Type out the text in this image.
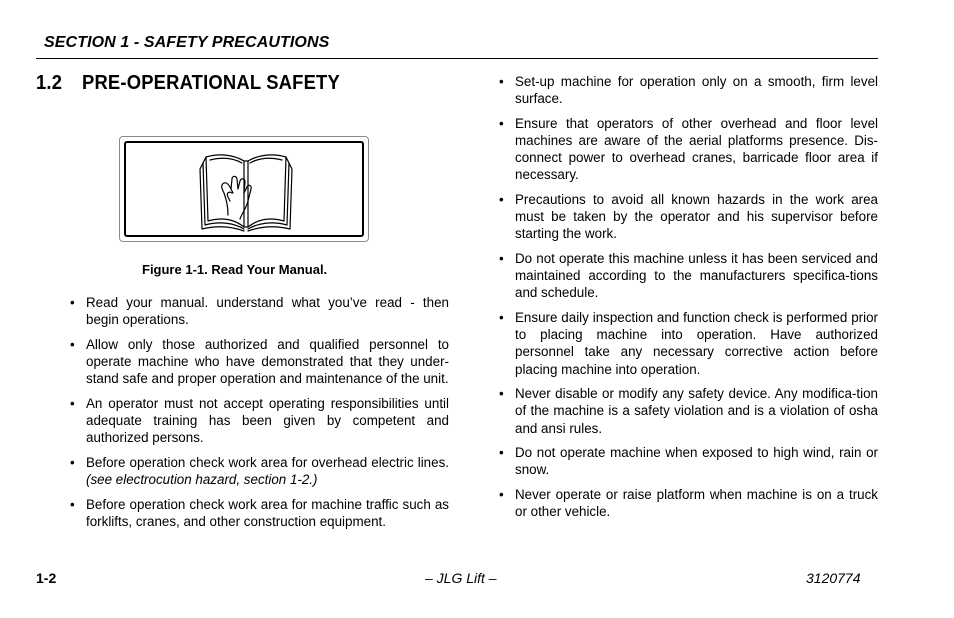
SECTION 1 - SAFETY PRECAUTIONS
1.2 PRE-OPERATIONAL SAFETY
Figure 1-1. Read Your Manual.
• Read your manual. understand what you’ve read - then begin operations.
• Allow only those authorized and qualified personnel to operate machine who have demonstrated that they under-stand safe and proper operation and maintenance of the unit.
• An operator must not accept operating responsibilities until adequate training has been given by competent and authorized persons.
• Before operation check work area for overhead electric lines. (see electrocution hazard, section 1-2.)
• Before operation check work area for machine traffic such as forklifts, cranes, and other construction equipment.
• Set-up machine for operation only on a smooth, firm level surface.
• Ensure that operators of other overhead and floor level machines are aware of the aerial platforms presence. Dis-connect power to overhead cranes, barricade floor area if necessary.
• Precautions to avoid all known hazards in the work area must be taken by the operator and his supervisor before starting the work.
• Do not operate this machine unless it has been serviced and maintained according to the manufacturers specifica-tions and schedule.
• Ensure daily inspection and function check is performed prior to placing machine into operation. Have authorized personnel take any necessary corrective action before placing machine into operation.
• Never disable or modify any safety device. Any modifica-tion of the machine is a safety violation and is a violation of osha and ansi rules.
• Do not operate machine when exposed to high wind, rain or snow.
• Never operate or raise platform when machine is on a truck or other vehicle.
1-2	– JLG Lift –	3120774
